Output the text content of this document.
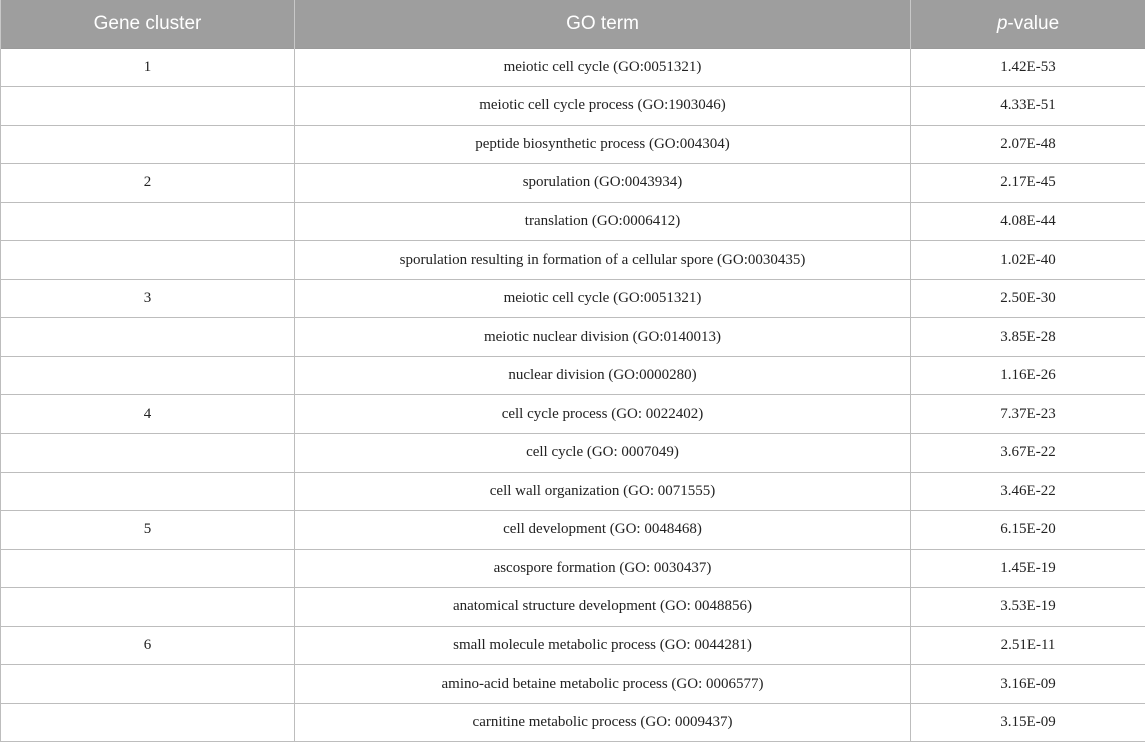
Gene cluster	GO term	p-value
1	meiotic cell cycle (GO:0051321)	1.42E-53
	meiotic cell cycle process (GO:1903046)	4.33E-51
	peptide biosynthetic process (GO:004304)	2.07E-48
2	sporulation (GO:0043934)	2.17E-45
	translation (GO:0006412)	4.08E-44
	sporulation resulting in formation of a cellular spore (GO:0030435)	1.02E-40
3	meiotic cell cycle (GO:0051321)	2.50E-30
	meiotic nuclear division (GO:0140013)	3.85E-28
	nuclear division (GO:0000280)	1.16E-26
4	cell cycle process (GO: 0022402)	7.37E-23
	cell cycle (GO: 0007049)	3.67E-22
	cell wall organization (GO: 0071555)	3.46E-22
5	cell development (GO: 0048468)	6.15E-20
	ascospore formation (GO: 0030437)	1.45E-19
	anatomical structure development (GO: 0048856)	3.53E-19
6	small molecule metabolic process (GO: 0044281)	2.51E-11
	amino-acid betaine metabolic process (GO: 0006577)	3.16E-09
	carnitine metabolic process (GO: 0009437)	3.15E-09
